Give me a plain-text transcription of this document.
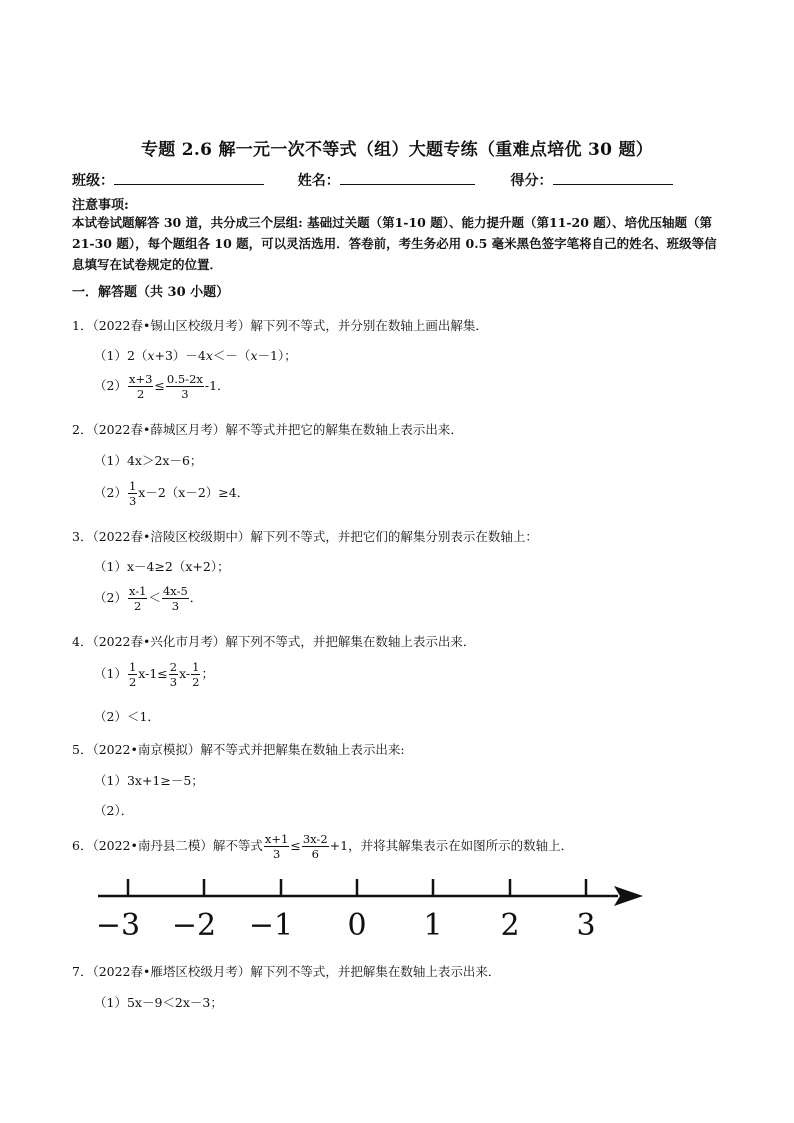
专题 2.6 解一元一次不等式（组）大题专练（重难点培优 30 题）
班级：	姓名：	得分：
注意事项:
本试卷试题解答 30 道，共分成三个层组: 基础过关题（第1-10 题）、能力提升题（第11-20 题）、培优压轴题（第 21-30 题），每个题组各 10 题，可以灵活选用．答卷前，考生务必用 0.5 毫米黑色签字笔将自己的姓名、班级等信息填写在试卷规定的位置．
一．解答题（共 30 小题）
1．（2022春•锡山区校级月考）解下列不等式，并分别在数轴上画出解集．
（1）2（x+3）－4x＜－（x－1）；
$(2) \frac{x+3}{2} \le \frac{0.5-2x}{3} -1$．
2．（2022春•薛城区月考）解不等式并把它的解集在数轴上表示出来．
（1）4x＞2x－6；
$(2) \frac{1}{3} x-2(x-2)\ge 4$．
3．（2022春•涪陵区校级期中）解下列不等式，并把它们的解集分别表示在数轴上：
（1）x－4≥2（x+2）；
$(2) \frac{x-1}{2} < \frac{4x-5}{3}$ ．
4．（2022春•兴化市月考）解下列不等式，并把解集在数轴上表示出来．
$(1) \frac{1}{2} x-1\le \frac{2}{3} x- \frac{1}{2}$ ；
（2）＜1．
5．（2022•南京模拟）解不等式并把解集在数轴上表示出来:
（1）3x+1≥－5；
（2）．
6．（2022•南丹县二模）解不等式 $\frac{x+1}{3} \le \frac{3x-2}{6} +1$，并将其解集表示在如图所示的数轴上．
−3 −2 −1 0 1 2 3
7．（2022春•雁塔区校级月考）解下列不等式，并把解集在数轴上表示出来．
（1）5x－9＜2x－3；
